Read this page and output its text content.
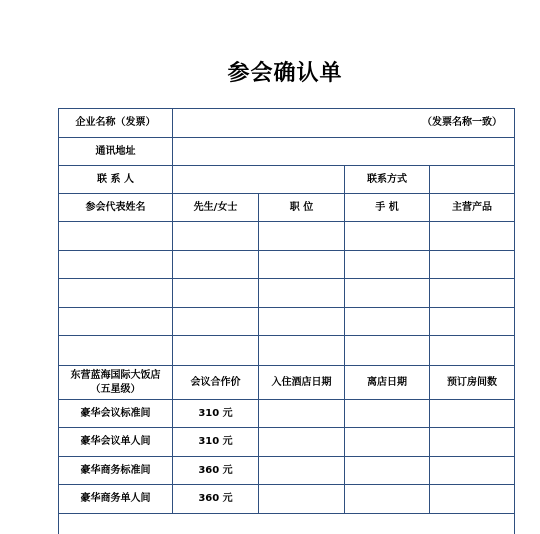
参会确认单
企业名称（发票）	（发票名称一致）			
通讯地址				
联 系 人			联系方式	
参会代表姓名	先生/女士	职 位	手 机	主营产品

东营蓝海国际大饭店（五星级）	会议合作价	入住酒店日期	离店日期	预订房间数
豪华会议标准间	310 元			
豪华会议单人间	310 元			
豪华商务标准间	360 元			
豪华商务单人间	360 元			
